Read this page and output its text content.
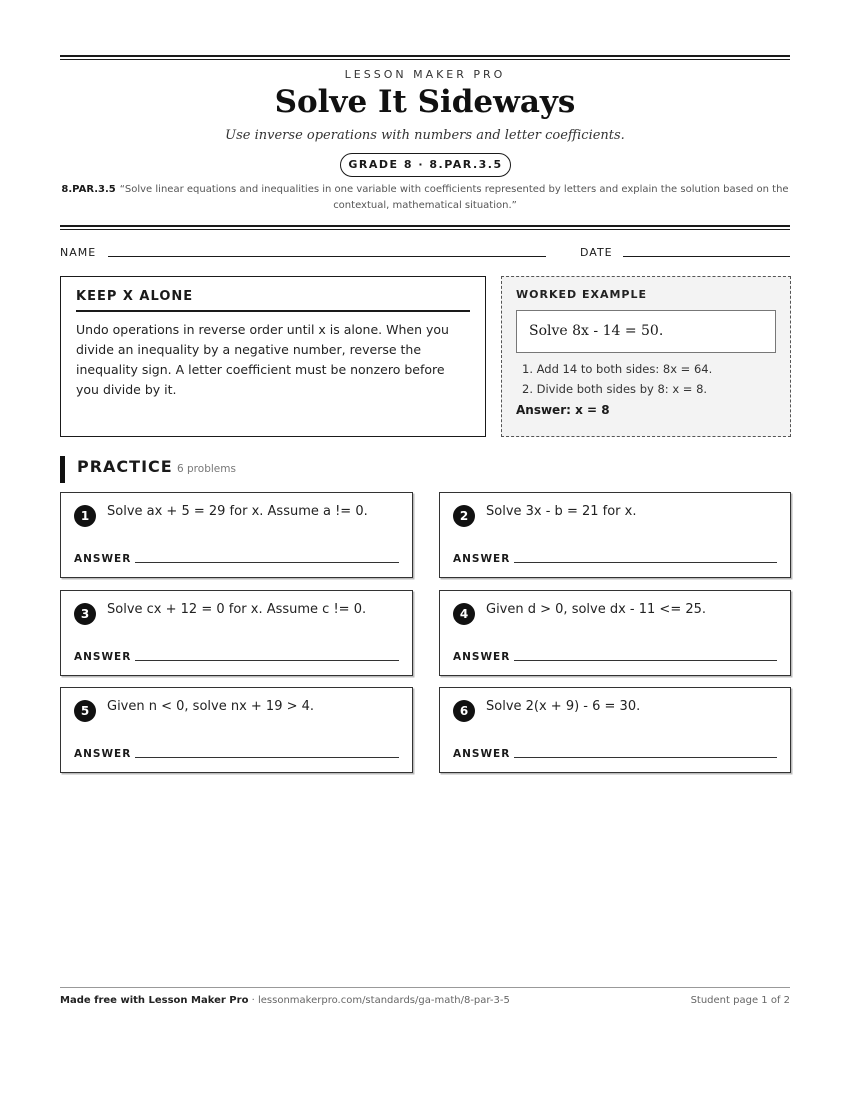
LESSON MAKER PRO
Solve It Sideways
Use inverse operations with numbers and letter coefficients.
GRADE 8 · 8.PAR.3.5
8.PAR.3.5 “Solve linear equations and inequalities in one variable with coefficients represented by letters and explain the solution based on the contextual, mathematical situation.”
NAME	DATE
KEEP X ALONE

Undo operations in reverse order until x is alone. When you divide an inequality by a negative number, reverse the inequality sign. A letter coefficient must be nonzero before you divide by it.

WORKED EXAMPLE
Solve 8x - 14 = 50.
1. Add 14 to both sides: 8x = 64.
2. Divide both sides by 8: x = 8.
Answer: x = 8
PRACTICE 6 problems
1	Solve ax + 5 = 29 for x. Assume a != 0.
ANSWER
2	Solve 3x - b = 21 for x.
ANSWER
3	Solve cx + 12 = 0 for x. Assume c != 0.
ANSWER
4	Given d > 0, solve dx - 11 <= 25.
ANSWER
5	Given n < 0, solve nx + 19 > 4.
ANSWER
6	Solve 2(x + 9) - 6 = 30.
ANSWER
Made free with Lesson Maker Pro · lessonmakerpro.com/standards/ga-math/8-par-3-5	Student page 1 of 2
